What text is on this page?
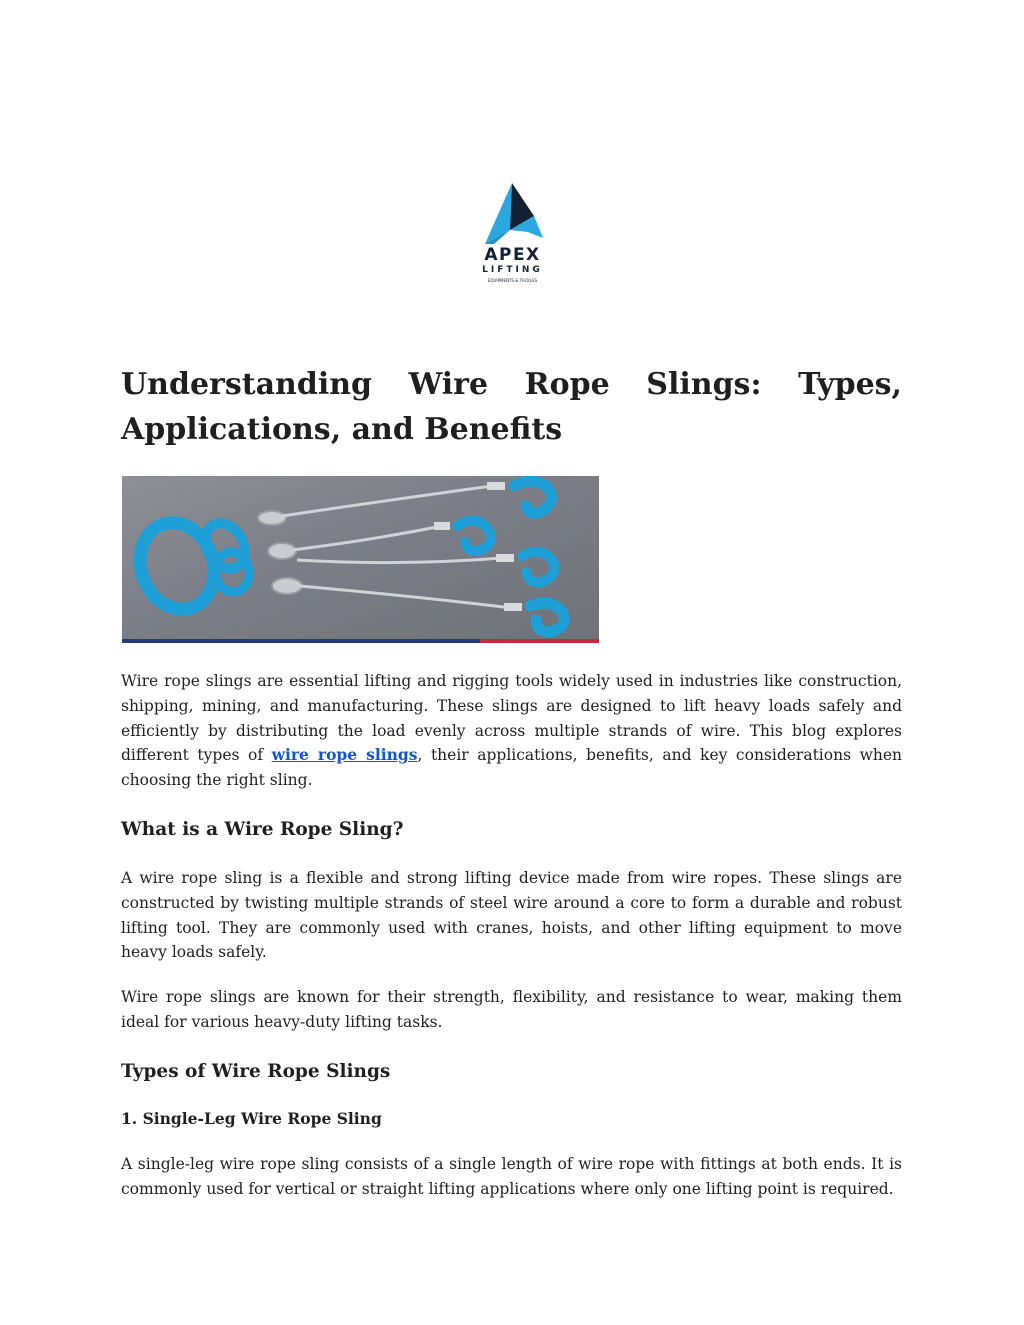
APEX
LIFTING
EQUIPMENTS & TACKLES
Understanding Wire Rope Slings: Types, Applications, and Benefits

Wire rope slings are essential lifting and rigging tools widely used in industries like construction, shipping, mining, and manufacturing. These slings are designed to lift heavy loads safely and efficiently by distributing the load evenly across multiple strands of wire. This blog explores different types of wire rope slings, their applications, benefits, and key considerations when choosing the right sling.

What is a Wire Rope Sling?

A wire rope sling is a flexible and strong lifting device made from wire ropes. These slings are constructed by twisting multiple strands of steel wire around a core to form a durable and robust lifting tool. They are commonly used with cranes, hoists, and other lifting equipment to move heavy loads safely.

Wire rope slings are known for their strength, flexibility, and resistance to wear, making them ideal for various heavy-duty lifting tasks.

Types of Wire Rope Slings
1. Single-Leg Wire Rope Sling

A single-leg wire rope sling consists of a single length of wire rope with fittings at both ends. It is commonly used for vertical or straight lifting applications where only one lifting point is required.
